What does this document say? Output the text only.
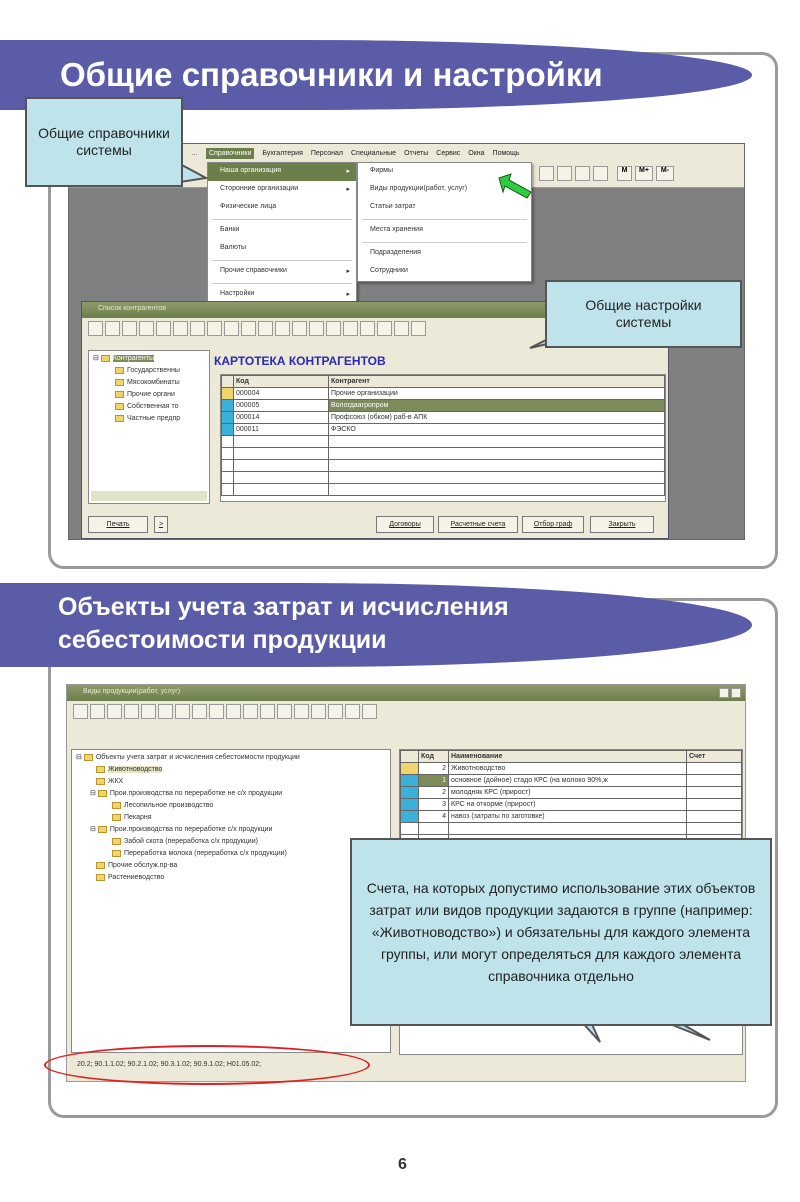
Общие справочники и настройки
…	Справочники	Бухгалтерия Персонал Специальные Отчеты Сервис Окна Помощь
М	М+	М-
Наша организация ▸
Сторонние организации ▸
Физические лица
Банки
Валюты
Прочие справочники ▸
Настройки ▸
Фирмы
Виды продукции(работ, услуг)
Статьи затрат
Места хранения
Подразделения
Сотрудники
Список контрагентов
⊟ Контрагенты
Государственны
Мясокомбинаты
Прочие органи
Собственная то
Частные предпр
КАРТОТЕКА КОНТРАГЕНТОВ
	Код	Контрагент
	000004	Прочие организации
	000005	Вологдаагропром
	000014	Профсоюз (обком) раб-в АПК
	000011	ФЭСКО

Печать	>	Договоры	Расчетные счета	Отбор граф	Закрыть
Общие справочники системы
Общие настройки системы
Объекты учета затрат и исчисления
себестоимости продукции
Виды продукции(работ, услуг)
⊟ Объекты учета затрат и исчисления себестоимости продукции
Животноводство
ЖКХ
⊟ Прои.производства по переработке не с/х продукции
Лесопильное производство
Пекарня
⊟ Прои.производства по переработке с/х продукции
Забой скота (переработка с/х продукции)
Переработка молока (переработка с/х продукции)
Прочие обслуж.пр-ва
Растениеводство
	Код	Наименование	Счет
	2	Животноводство	
	1	основное (дойное) стадо КРС (на молоко 90%,ж	
	2	молодняк КРС (прирост)	
	3	КРС на откорме (прирост)	
	4	навоз (затраты по заготовке)	

20.2; 90.1.1.02; 90.2.1.02; 90.3.1.02; 90.9.1.02; Н01.05.02;
Счета, на которых допустимо использование этих объектов затрат или видов продукции задаются в группе (например: «Животноводство») и обязательны для каждого элемента группы, или могут определяться для каждого элемента справочника отдельно
6
